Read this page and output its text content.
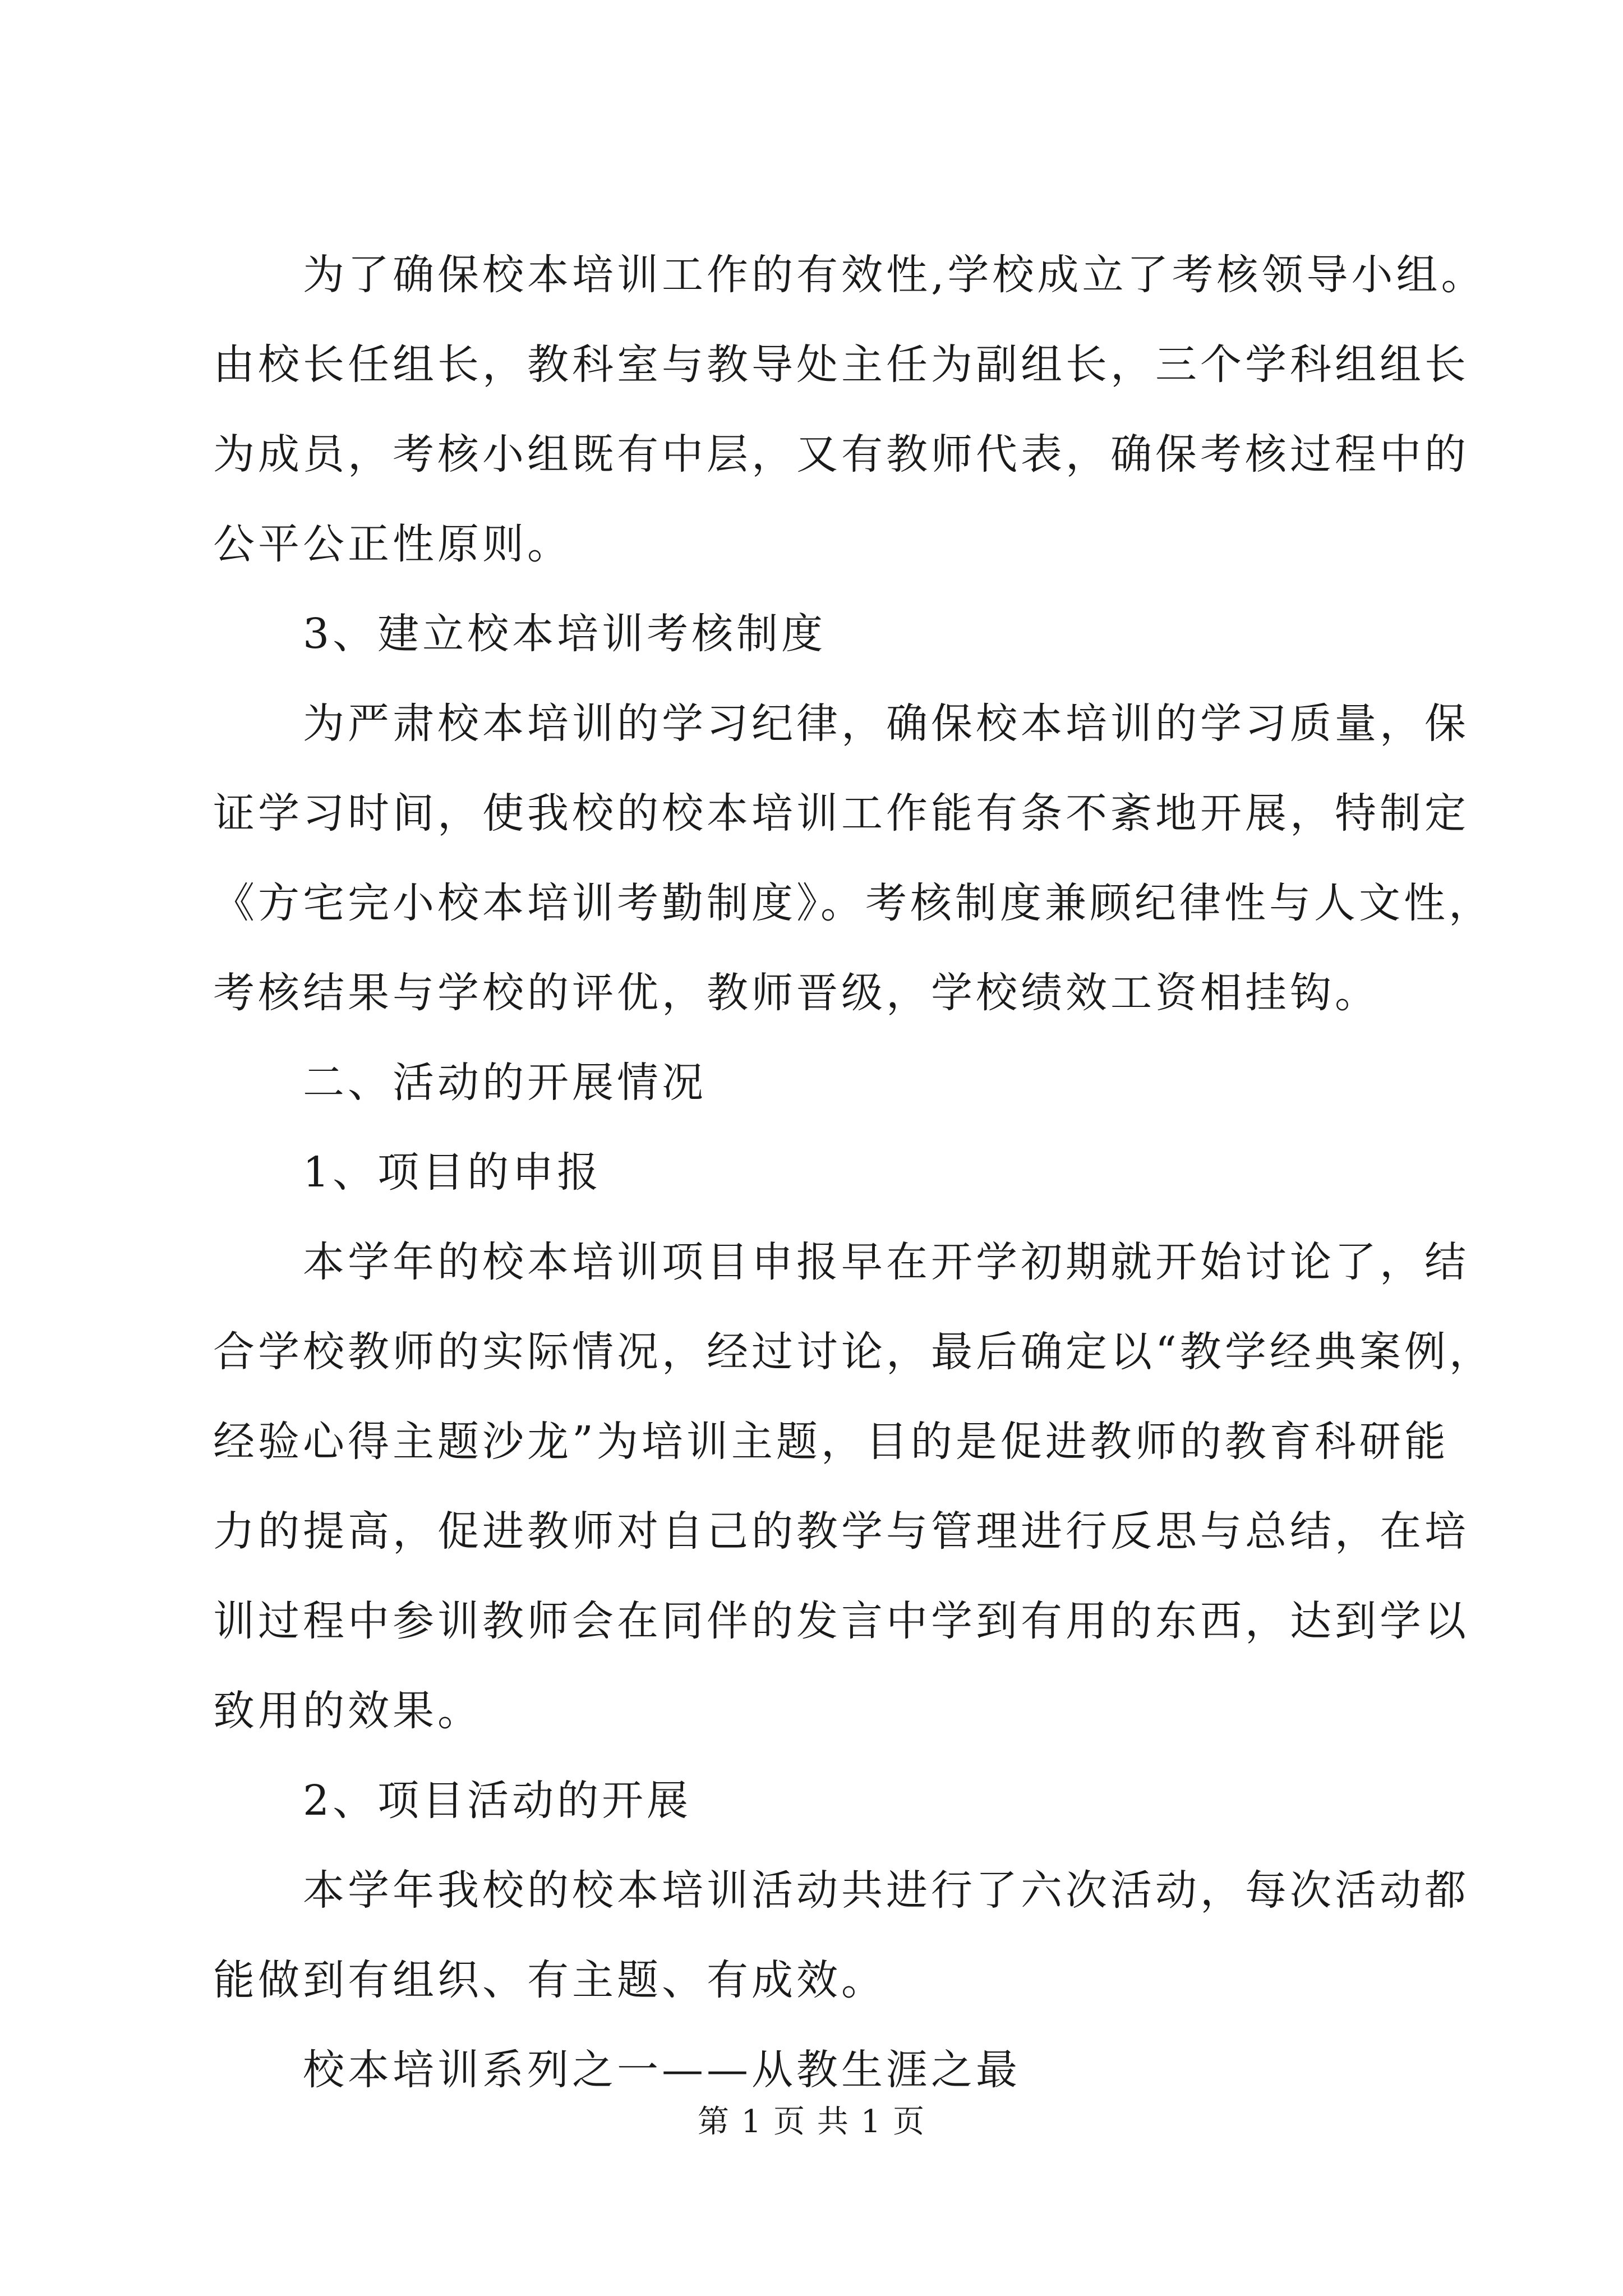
为了确保校本培训工作的有效性,学校成立了考核领导小组。
由校长任组长，教科室与教导处主任为副组长，三个学科组组长
为成员，考核小组既有中层，又有教师代表，确保考核过程中的
公平公正性原则。
3、建立校本培训考核制度
为严肃校本培训的学习纪律，确保校本培训的学习质量，保
证学习时间，使我校的校本培训工作能有条不紊地开展，特制定
《方宅完小校本培训考勤制度》。考核制度兼顾纪律性与人文性，
考核结果与学校的评优，教师晋级，学校绩效工资相挂钩。
二、活动的开展情况
1、项目的申报
本学年的校本培训项目申报早在开学初期就开始讨论了，结
合学校教师的实际情况，经过讨论，最后确定以“教学经典案例，
经验心得主题沙龙”为培训主题，目的是促进教师的教育科研能
力的提高，促进教师对自己的教学与管理进行反思与总结，在培
训过程中参训教师会在同伴的发言中学到有用的东西，达到学以
致用的效果。
2、项目活动的开展
本学年我校的校本培训活动共进行了六次活动，每次活动都
能做到有组织、有主题、有成效。
校本培训系列之一——从教生涯之最
第 1 页 共 1 页
